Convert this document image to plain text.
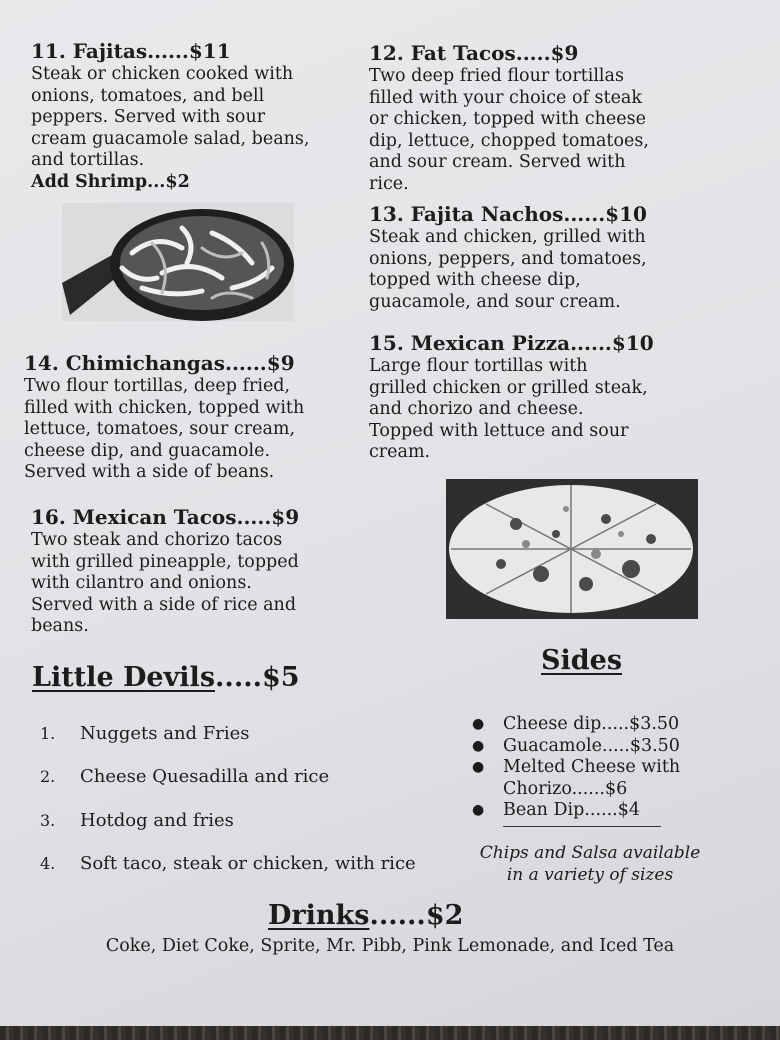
11. Fajitas......$11

Steak or chicken cooked with
onions, tomatoes, and bell
peppers. Served with sour
cream guacamole salad, beans,
and tortillas.

Add Shrimp...$2
12. Fat Tacos.....$9

Two deep fried flour tortillas
filled with your choice of steak
or chicken, topped with cheese
dip, lettuce, chopped tomatoes,
and sour cream. Served with
rice.

13. Fajita Nachos......$10

Steak and chicken, grilled with
onions, peppers, and tomatoes,
topped with cheese dip,
guacamole, and sour cream.

14. Chimichangas......$9

Two flour tortillas, deep fried,
filled with chicken, topped with
lettuce, tomatoes, sour cream,
cheese dip, and guacamole.
Served with a side of beans.

15. Mexican Pizza......$10

Large flour tortillas with
grilled chicken or grilled steak,
and chorizo and cheese.
Topped with lettuce and sour
cream.

16. Mexican Tacos.....$9

Two steak and chorizo tacos
with grilled pineapple, topped
with cilantro and onions.
Served with a side of rice and
beans.

Little Devils.....$5
1. Nuggets and Fries
2. Cheese Quesadilla and rice
3. Hotdog and fries
4. Soft taco, steak or chicken, with rice
Sides
● Cheese dip.....$3.50
● Guacamole.....$3.50
● Melted Cheese with
Chorizo......$6
● Bean Dip......$4
Chips and Salsa available
in a variety of sizes
Drinks......$2
Coke, Diet Coke, Sprite, Mr. Pibb, Pink Lemonade, and Iced Tea
